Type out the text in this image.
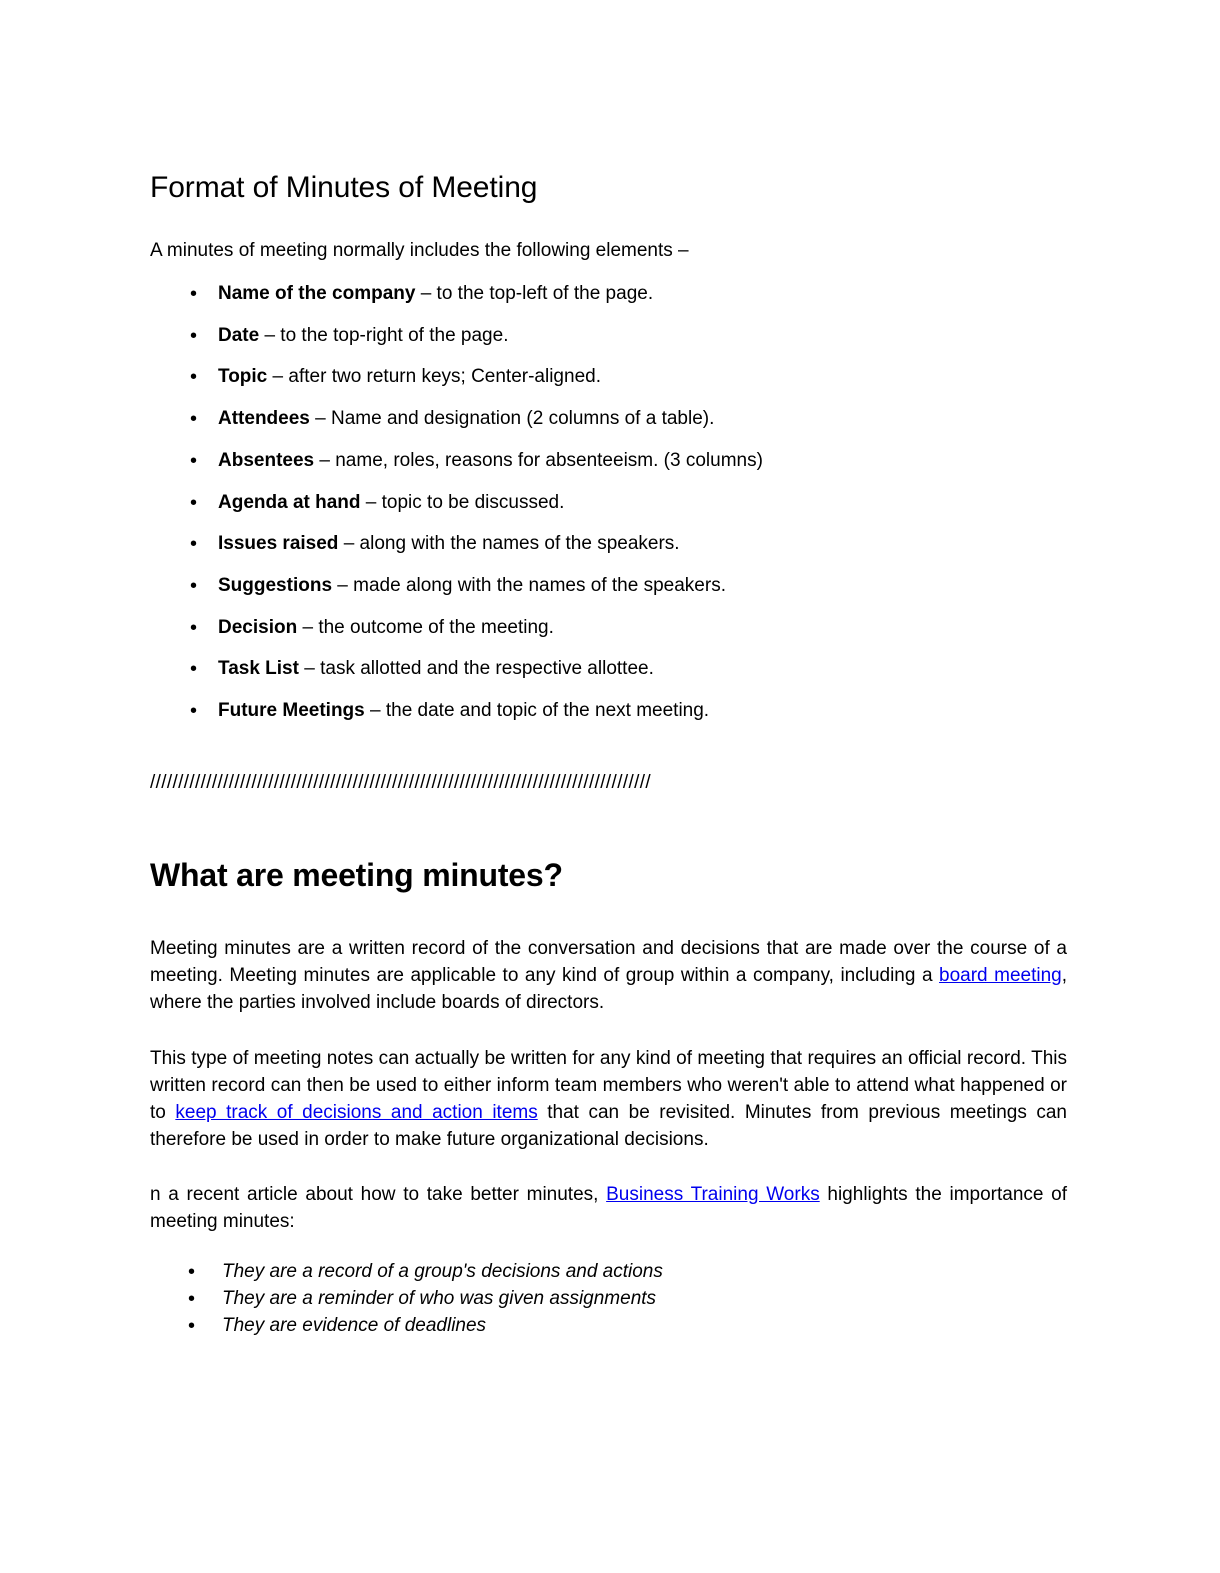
Format of Minutes of Meeting

A minutes of meeting normally includes the following elements –

• Name of the company – to the top-left of the page.
• Date – to the top-right of the page.
• Topic – after two return keys; Center-aligned.
• Attendees – Name and designation (2 columns of a table).
• Absentees – name, roles, reasons for absenteeism. (3 columns)
• Agenda at hand – topic to be discussed.
• Issues raised – along with the names of the speakers.
• Suggestions – made along with the names of the speakers.
• Decision – the outcome of the meeting.
• Task List – task allotted and the respective allottee.
• Future Meetings – the date and topic of the next meeting.
/////////////////////////////////////////////////////////////////////////////////////////
What are meeting minutes?

Meeting minutes are a written record of the conversation and decisions that are made over the course of a meeting. Meeting minutes are applicable to any kind of group within a company, including a board meeting, where the parties involved include boards of directors.

This type of meeting notes can actually be written for any kind of meeting that requires an official record. This written record can then be used to either inform team members who weren't able to attend what happened or to keep track of decisions and action items that can be revisited. Minutes from previous meetings can therefore be used in order to make future organizational decisions.

n a recent article about how to take better minutes, Business Training Works highlights the importance of meeting minutes:

• They are a record of a group's decisions and actions
• They are a reminder of who was given assignments
• They are evidence of deadlines
